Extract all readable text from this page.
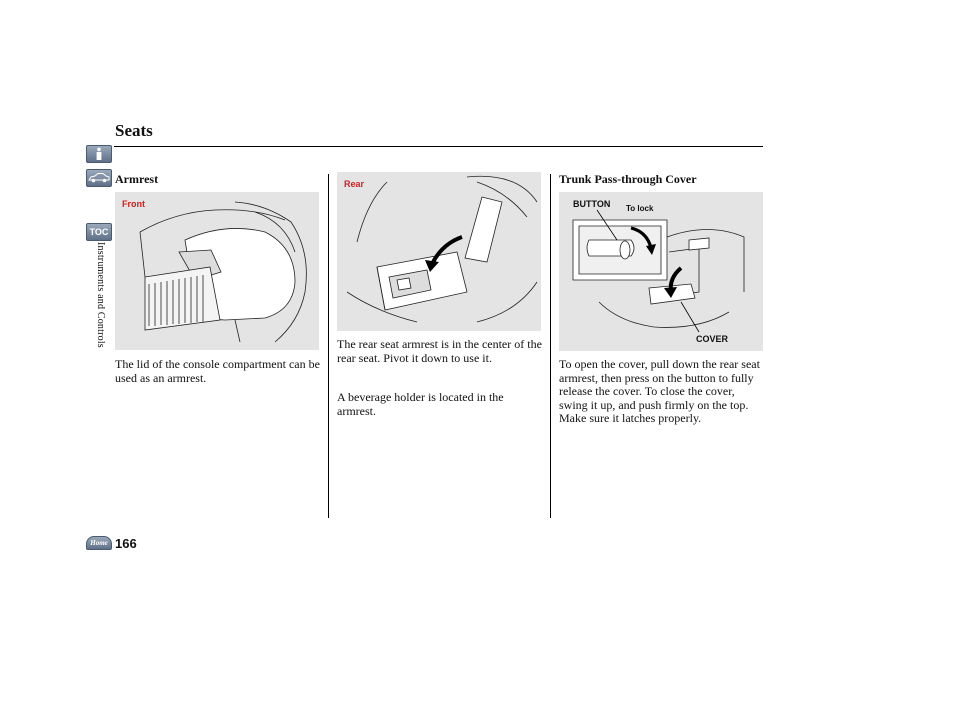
Seats
TOC
Instruments and Controls
Armrest
Front
The lid of the console compartment can be used as an armrest.
Rear
The rear seat armrest is in the center of the rear seat. Pivot it down to use it.
A beverage holder is located in the armrest.
Trunk Pass-through Cover
BUTTON To lock
COVER
To open the cover, pull down the rear seat armrest, then press on the button to fully release the cover. To close the cover, swing it up, and push firmly on the top. Make sure it latches properly.
Home 166
